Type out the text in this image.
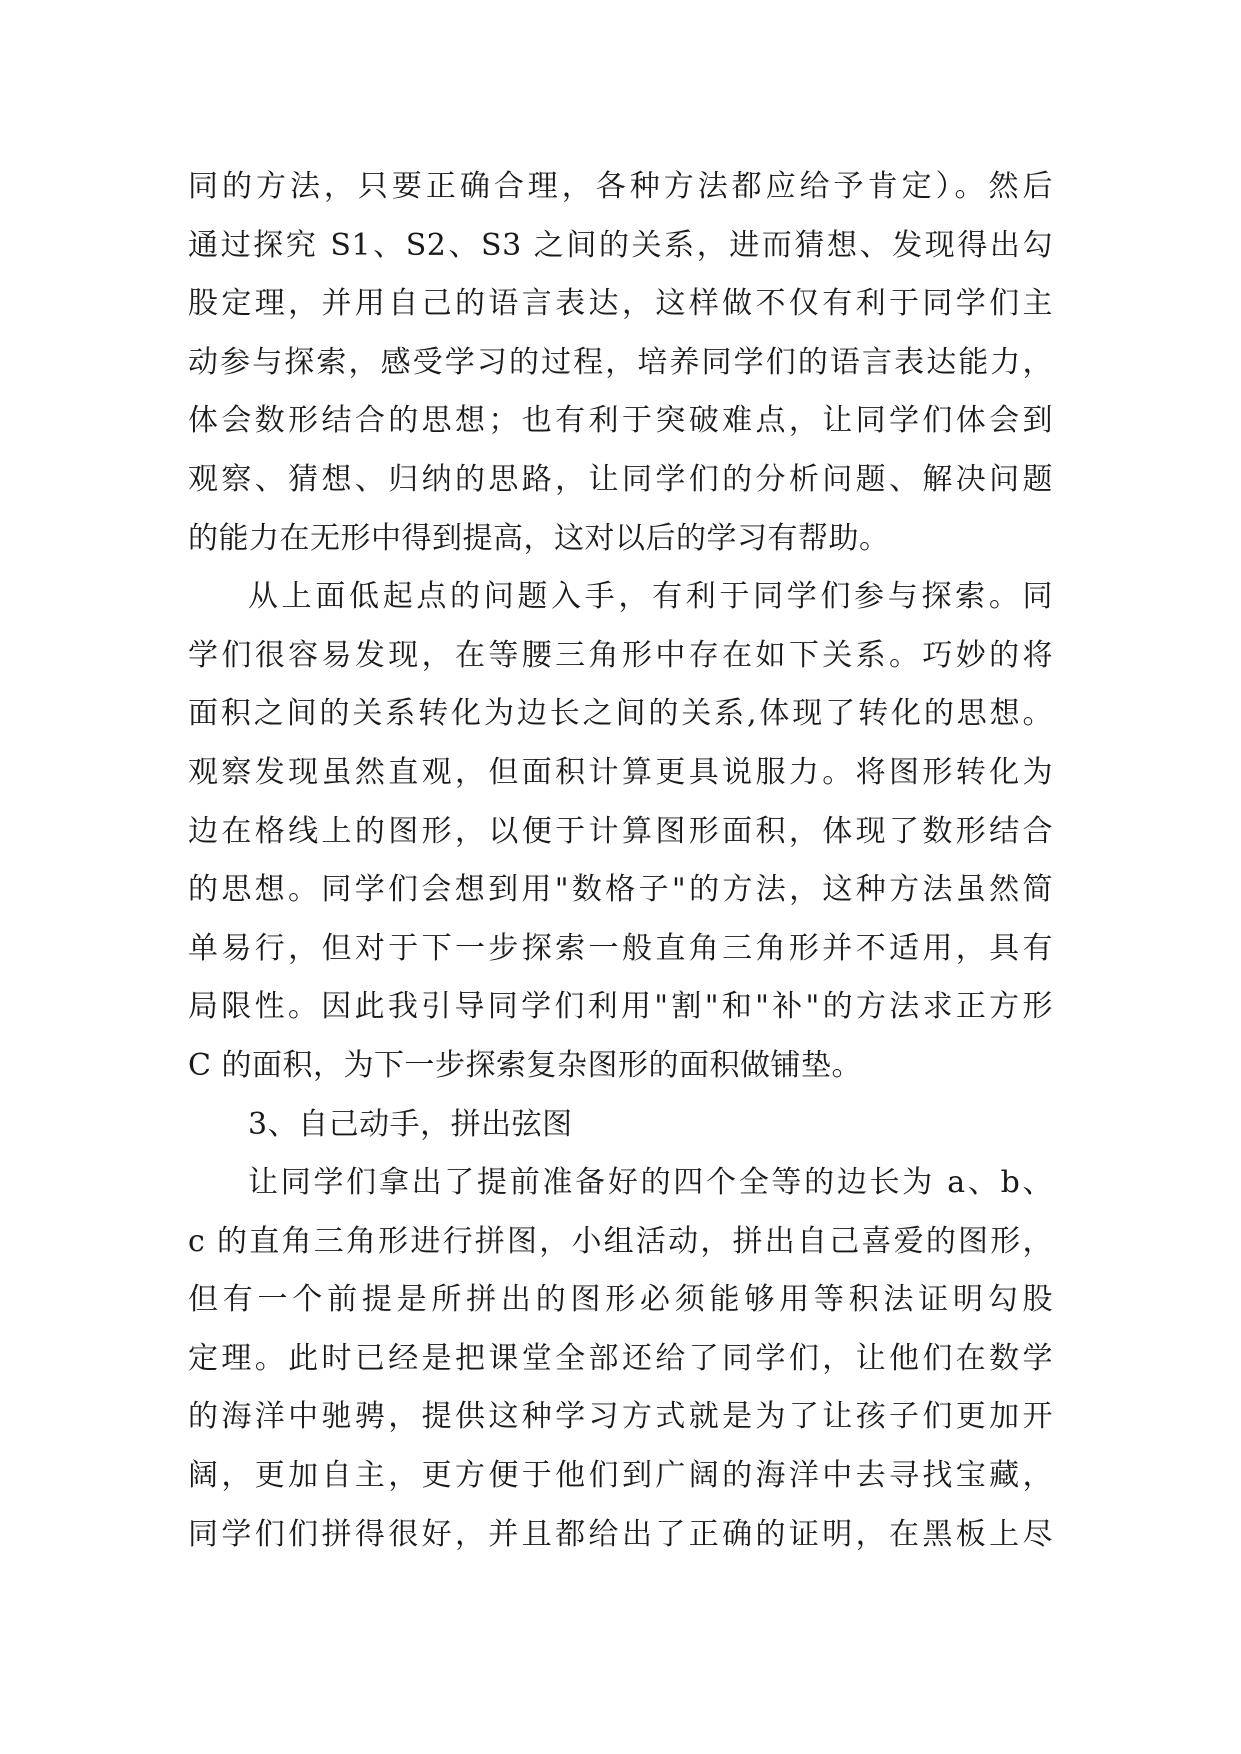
同的方法，只要正确合理，各种方法都应给予肯定）。然后
通过探究 S1、S2、S3 之间的关系，进而猜想、发现得出勾
股定理，并用自己的语言表达，这样做不仅有利于同学们主
动参与探索，感受学习的过程，培养同学们的语言表达能力，
体会数形结合的思想；也有利于突破难点，让同学们体会到
观察、猜想、归纳的思路，让同学们的分析问题、解决问题
的能力在无形中得到提高，这对以后的学习有帮助。
从上面低起点的问题入手，有利于同学们参与探索。同
学们很容易发现，在等腰三角形中存在如下关系。巧妙的将
面积之间的关系转化为边长之间的关系,体现了转化的思想。
观察发现虽然直观，但面积计算更具说服力。将图形转化为
边在格线上的图形，以便于计算图形面积，体现了数形结合
的思想。同学们会想到用"数格子"的方法，这种方法虽然简
单易行，但对于下一步探索一般直角三角形并不适用，具有
局限性。因此我引导同学们利用"割"和"补"的方法求正方形
C 的面积，为下一步探索复杂图形的面积做铺垫。
3、自己动手，拼出弦图
让同学们拿出了提前准备好的四个全等的边长为 a、b、
c 的直角三角形进行拼图，小组活动，拼出自己喜爱的图形，
但有一个前提是所拼出的图形必须能够用等积法证明勾股
定理。此时已经是把课堂全部还给了同学们，让他们在数学
的海洋中驰骋，提供这种学习方式就是为了让孩子们更加开
阔，更加自主，更方便于他们到广阔的海洋中去寻找宝藏，
同学们们拼得很好，并且都给出了正确的证明，在黑板上尽
